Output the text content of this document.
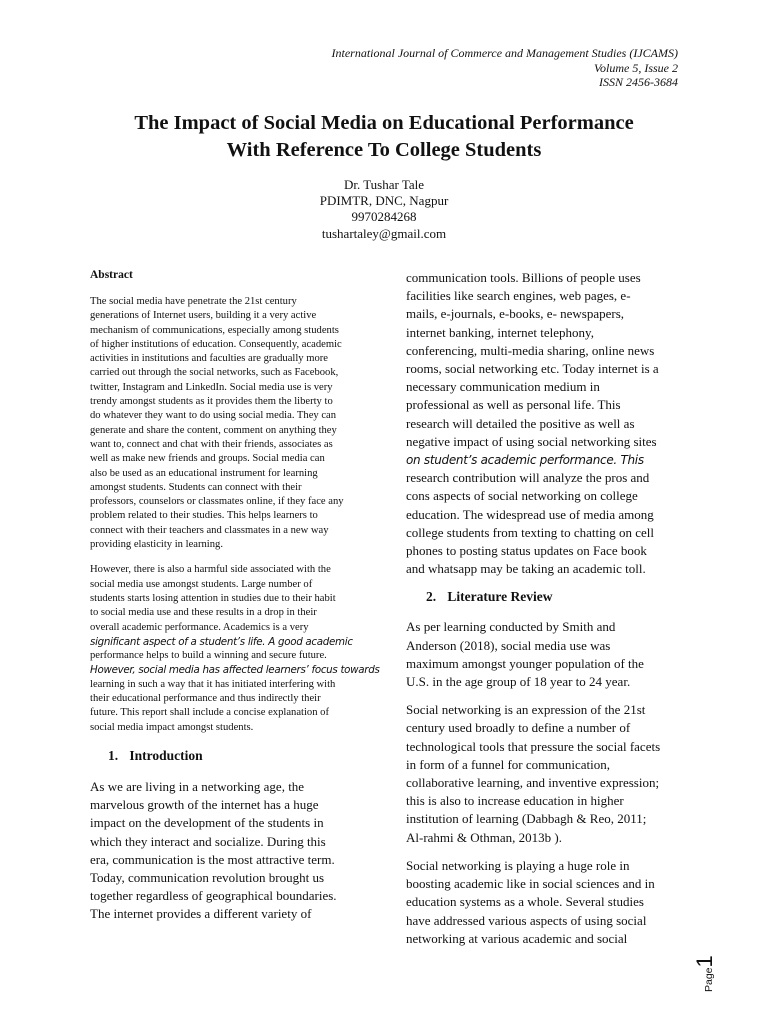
International Journal of Commerce and Management Studies (IJCAMS)
Volume 5, Issue 2
ISSN 2456-3684
The Impact of Social Media on Educational Performance
With Reference To College Students
Dr. Tushar Tale
PDIMTR, DNC, Nagpur
9970284268
tushartaley@gmail.com
Abstract
The social media have penetrate the 21st century
generations of Internet users, building it a very active
mechanism of communications, especially among students
of higher institutions of education. Consequently, academic
activities in institutions and faculties are gradually more
carried out through the social networks, such as Facebook,
twitter, Instagram and LinkedIn. Social media use is very
trendy amongst students as it provides them the liberty to
do whatever they want to do using social media. They can
generate and share the content, comment on anything they
want to, connect and chat with their friends, associates as
well as make new friends and groups. Social media can
also be used as an educational instrument for learning
amongst students. Students can connect with their
professors, counselors or classmates online, if they face any
problem related to their studies. This helps learners to
connect with their teachers and classmates in a new way
providing elasticity in learning.
However, there is also a harmful side associated with the
social media use amongst students. Large number of
students starts losing attention in studies due to their habit
to social media use and these results in a drop in their
overall academic performance. Academics is a very
significant aspect of a student’s life. A good academic
performance helps to build a winning and secure future.
However, social media has affected learners’ focus towards
learning in such a way that it has initiated interfering with
their educational performance and thus indirectly their
future. This report shall include a concise explanation of
social media impact amongst students.
1. Introduction
As we are living in a networking age, the
marvelous growth of the internet has a huge
impact on the development of the students in
which they interact and socialize. During this
era, communication is the most attractive term.
Today, communication revolution brought us
together regardless of geographical boundaries.
The internet provides a different variety of
communication tools. Billions of people uses
facilities like search engines, web pages, e-
mails, e-journals, e-books, e- newspapers,
internet banking, internet telephony,
conferencing, multi-media sharing, online news
rooms, social networking etc. Today internet is a
necessary communication medium in
professional as well as personal life. This
research will detailed the positive as well as
negative impact of using social networking sites
on student’s academic performance. This
research contribution will analyze the pros and
cons aspects of social networking on college
education. The widespread use of media among
college students from texting to chatting on cell
phones to posting status updates on Face book
and whatsapp may be taking an academic toll.
2. Literature Review
As per learning conducted by Smith and
Anderson (2018), social media use was
maximum amongst younger population of the
U.S. in the age group of 18 year to 24 year.
Social networking is an expression of the 21st
century used broadly to define a number of
technological tools that pressure the social facets
in form of a funnel for communication,
collaborative learning, and inventive expression;
this is also to increase education in higher
institution of learning (Dabbagh & Reo, 2011;
Al-rahmi & Othman, 2013b ).
Social networking is playing a huge role in
boosting academic like in social sciences and in
education systems as a whole. Several studies
have addressed various aspects of using social
networking at various academic and social
Page1
